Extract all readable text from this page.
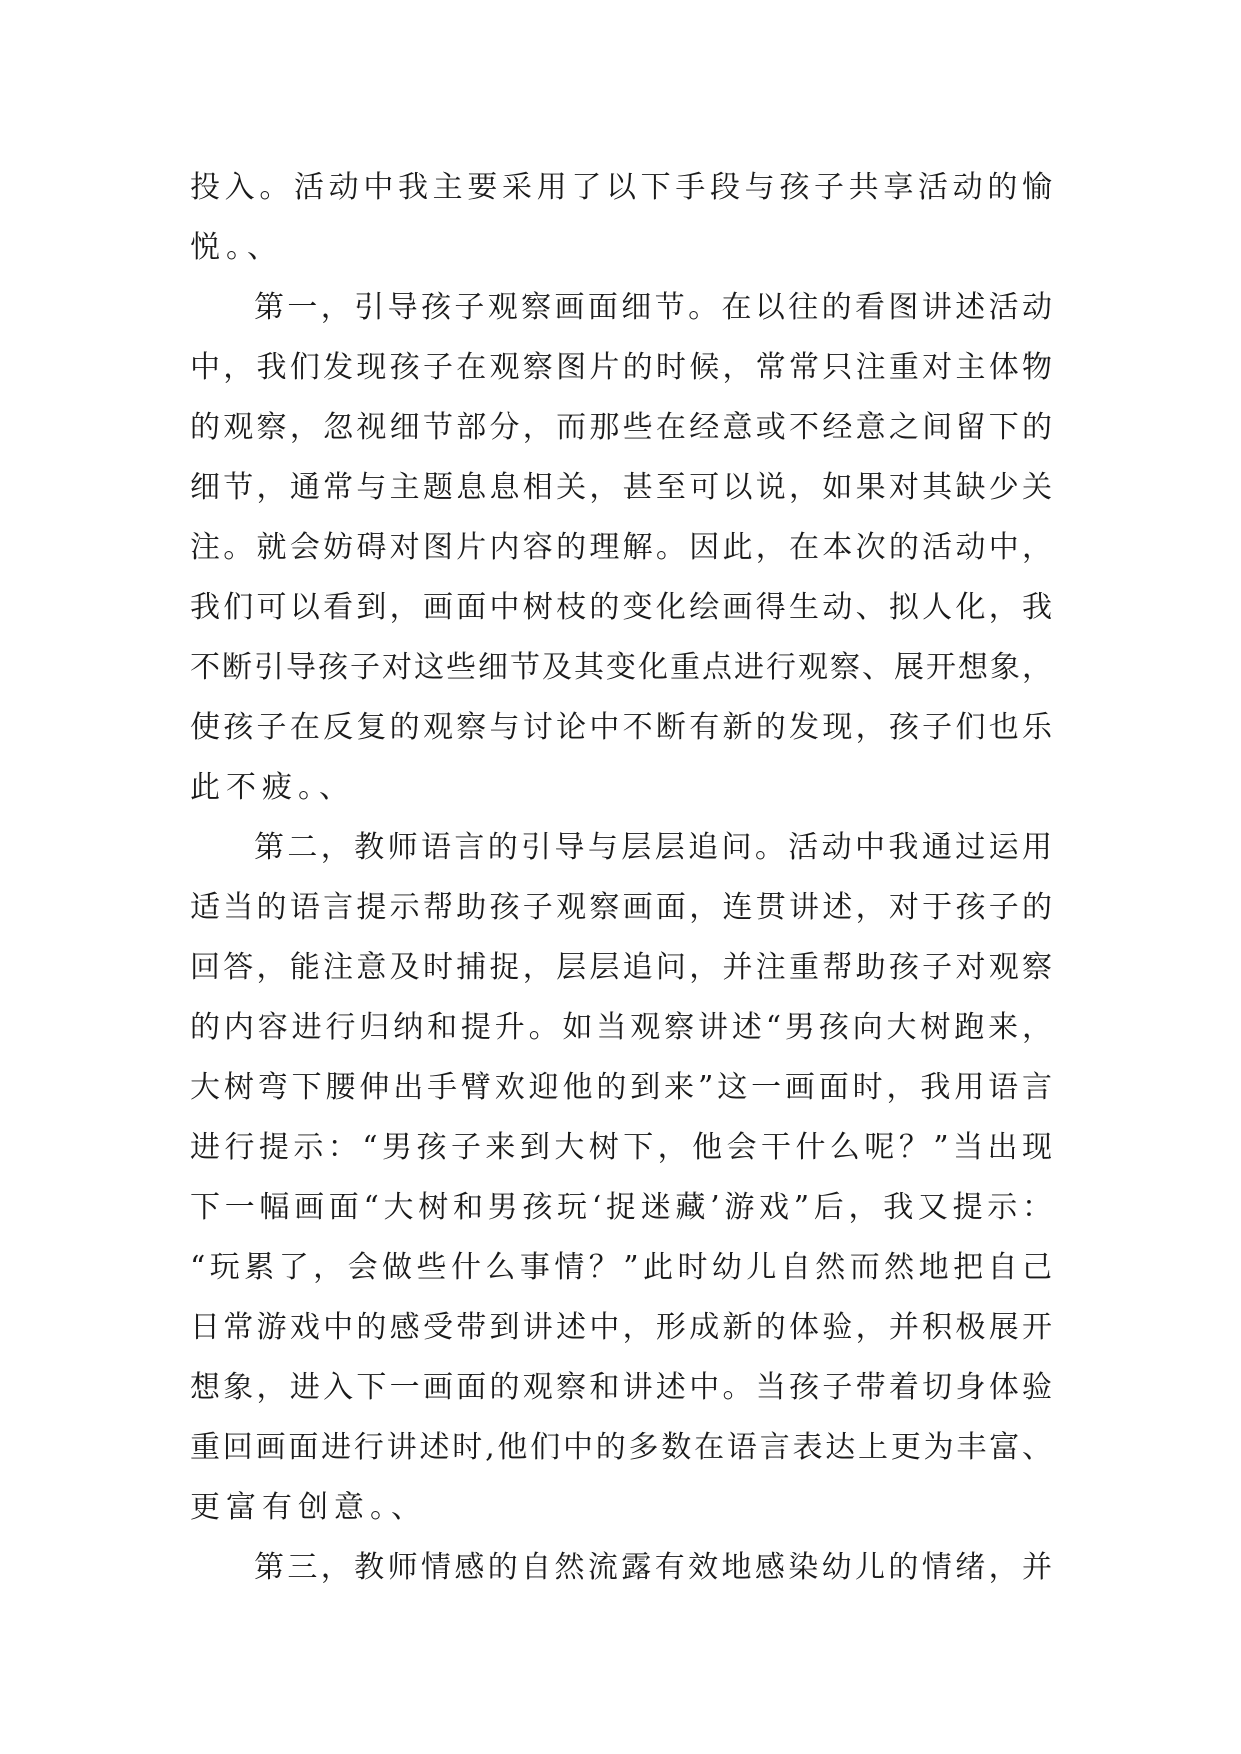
投入。活动中我主要采用了以下手段与孩子共享活动的愉
悦。、
第一，引导孩子观察画面细节。在以往的看图讲述活动
中，我们发现孩子在观察图片的时候，常常只注重对主体物
的观察，忽视细节部分，而那些在经意或不经意之间留下的
细节，通常与主题息息相关，甚至可以说，如果对其缺少关
注。就会妨碍对图片内容的理解。因此，在本次的活动中，
我们可以看到，画面中树枝的变化绘画得生动、拟人化，我
不断引导孩子对这些细节及其变化重点进行观察、展开想象，
使孩子在反复的观察与讨论中不断有新的发现，孩子们也乐
此不疲。、
第二，教师语言的引导与层层追问。活动中我通过运用
适当的语言提示帮助孩子观察画面，连贯讲述，对于孩子的
回答，能注意及时捕捉，层层追问，并注重帮助孩子对观察
的内容进行归纳和提升。如当观察讲述“男孩向大树跑来，
大树弯下腰伸出手臂欢迎他的到来”这一画面时，我用语言
进行提示：“男孩子来到大树下，他会干什么呢？”当出现
下一幅画面“大树和男孩玩‘捉迷藏’游戏”后，我又提示：
“玩累了，会做些什么事情？”此时幼儿自然而然地把自己
日常游戏中的感受带到讲述中，形成新的体验，并积极展开
想象，进入下一画面的观察和讲述中。当孩子带着切身体验
重回画面进行讲述时,他们中的多数在语言表达上更为丰富、
更富有创意。、
第三，教师情感的自然流露有效地感染幼儿的情绪，并
